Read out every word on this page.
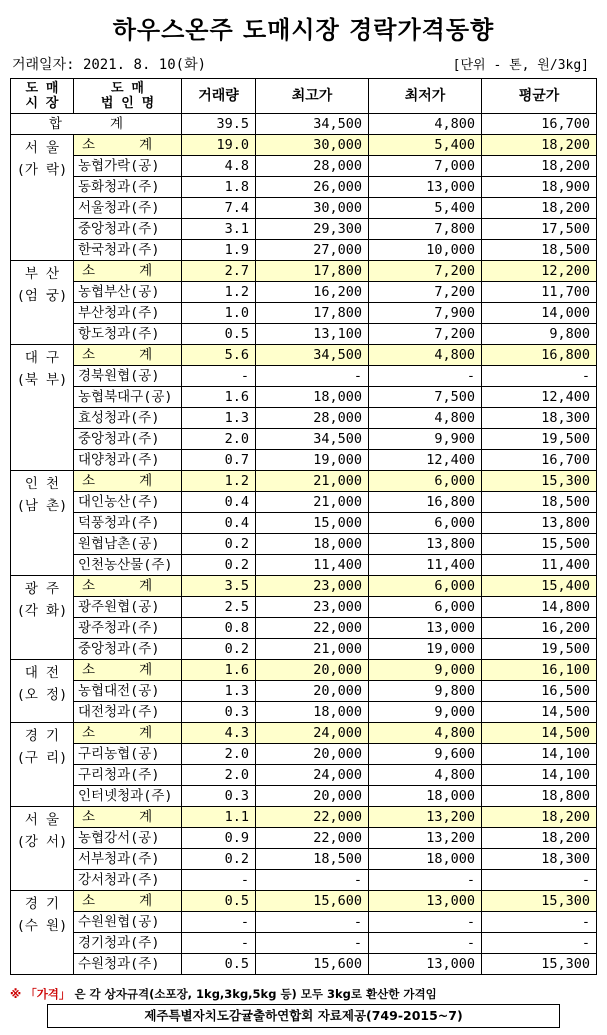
하우스온주 도매시장 경락가격동향
거래일자: 2021. 8. 10(화)	[단위 - 톤, 원/3kg]
도 매
시 장	도 매
법 인 명	거래량	최고가	최저가	평균가
합 계		39.5	34,500	4,800	16,700

서 울
(가 락)	소 계	19.0	30,000	5,400	18,200
	농협가락(공)	4.8	28,000	7,000	18,200
	동화청과(주)	1.8	26,000	13,000	18,900
	서울청과(주)	7.4	30,000	5,400	18,200
	중앙청과(주)	3.1	29,300	7,800	17,500
	한국청과(주)	1.9	27,000	10,000	18,500

부 산
(엄 궁)	소 계	2.7	17,800	7,200	12,200
	농협부산(공)	1.2	16,200	7,200	11,700
	부산청과(주)	1.0	17,800	7,900	14,000
	항도청과(주)	0.5	13,100	7,200	9,800

대 구
(북 부)	소 계	5.6	34,500	4,800	16,800
	경북원협(공)	-	-	-	-
	농협북대구(공)	1.6	18,000	7,500	12,400
	효성청과(주)	1.3	28,000	4,800	18,300
	중앙청과(주)	2.0	34,500	9,900	19,500
	대양청과(주)	0.7	19,000	12,400	16,700

인 천
(남 촌)	소 계	1.2	21,000	6,000	15,300
	대인농산(주)	0.4	21,000	16,800	18,500
	덕풍청과(주)	0.4	15,000	6,000	13,800
	원협남촌(공)	0.2	18,000	13,800	15,500
	인천농산물(주)	0.2	11,400	11,400	11,400

광 주
(각 화)	소 계	3.5	23,000	6,000	15,400
	광주원협(공)	2.5	23,000	6,000	14,800
	광주청과(주)	0.8	22,000	13,000	16,200
	중앙청과(주)	0.2	21,000	19,000	19,500

대 전
(오 정)	소 계	1.6	20,000	9,000	16,100
	농협대전(공)	1.3	20,000	9,800	16,500
	대전청과(주)	0.3	18,000	9,000	14,500

경 기
(구 리)	소 계	4.3	24,000	4,800	14,500
	구리농협(공)	2.0	20,000	9,600	14,100
	구리청과(주)	2.0	24,000	4,800	14,100
	인터넷청과(주)	0.3	20,000	18,000	18,800

서 울
(강 서)	소 계	1.1	22,000	13,200	18,200
	농협강서(공)	0.9	22,000	13,200	18,200
	서부청과(주)	0.2	18,500	18,000	18,300
	강서청과(주)	-	-	-	-

경 기
(수 원)	소 계	0.5	15,600	13,000	15,300
	수원원협(공)	-	-	-	-
	경기청과(주)	-	-	-	-
	수원청과(주)	0.5	15,600	13,000	15,300
※ 「가격」 은 각 상자규격(소포장, 1kg,3kg,5kg 등) 모두 3kg로 환산한 가격임
제주특별자치도감귤출하연합회 자료제공(749-2015~7)
